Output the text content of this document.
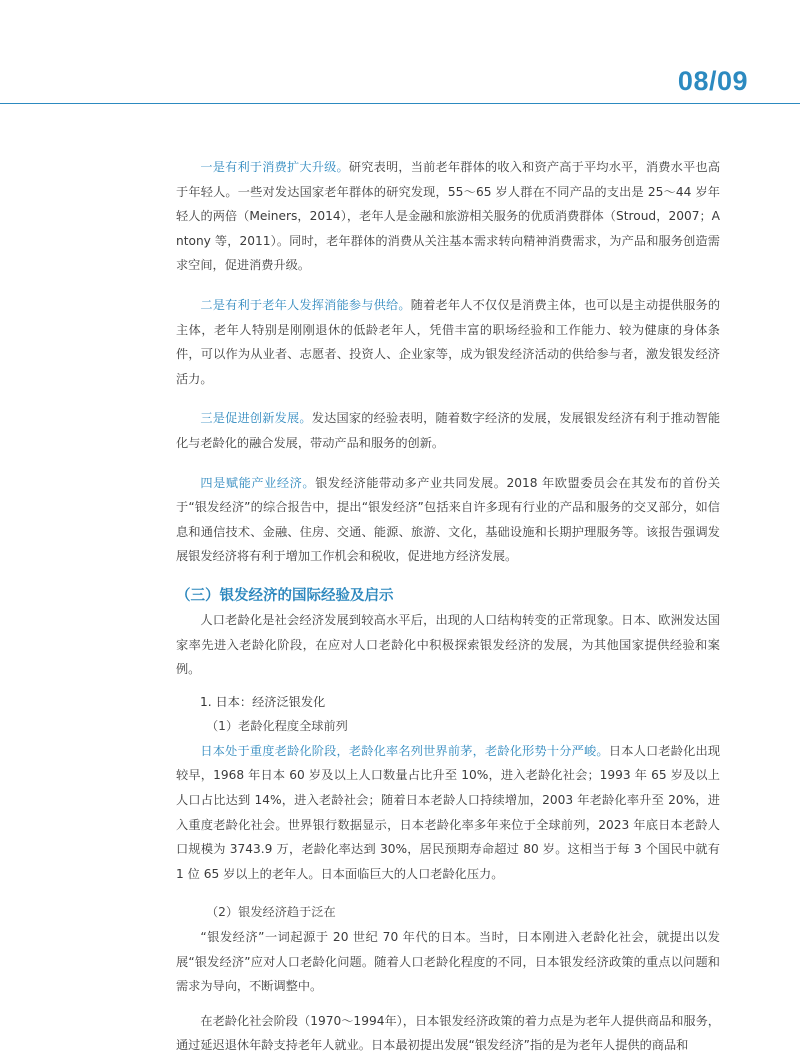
08/09

一是有利于消费扩大升级。研究表明，当前老年群体的收入和资产高于平均水平，消费水平也高于年轻人。一些对发达国家老年群体的研究发现，55～65 岁人群在不同产品的支出是 25～44 岁年轻人的两倍（Meiners，2014），老年人是金融和旅游相关服务的优质消费群体（Stroud，2007；Antony 等，2011）。同时，老年群体的消费从关注基本需求转向精神消费需求，为产品和服务创造需求空间，促进消费升级。

二是有利于老年人发挥消能参与供给。随着老年人不仅仅是消费主体，也可以是主动提供服务的主体，老年人特别是刚刚退休的低龄老年人，凭借丰富的职场经验和工作能力、较为健康的身体条件，可以作为从业者、志愿者、投资人、企业家等，成为银发经济活动的供给参与者，激发银发经济活力。

三是促进创新发展。发达国家的经验表明，随着数字经济的发展，发展银发经济有利于推动智能化与老龄化的融合发展，带动产品和服务的创新。

四是赋能产业经济。银发经济能带动多产业共同发展。2018 年欧盟委员会在其发布的首份关于“银发经济”的综合报告中，提出“银发经济”包括来自许多现有行业的产品和服务的交叉部分，如信息和通信技术、金融、住房、交通、能源、旅游、文化，基础设施和长期护理服务等。该报告强调发展银发经济将有利于增加工作机会和税收，促进地方经济发展。

（三）银发经济的国际经验及启示

人口老龄化是社会经济发展到较高水平后，出现的人口结构转变的正常现象。日本、欧洲发达国家率先进入老龄化阶段，在应对人口老龄化中积极探索银发经济的发展，为其他国家提供经验和案例。

1. 日本：经济泛银发化
（1）老龄化程度全球前列

日本处于重度老龄化阶段，老龄化率名列世界前茅，老龄化形势十分严峻。日本人口老龄化出现较早，1968 年日本 60 岁及以上人口数量占比升至 10%，进入老龄化社会；1993 年 65 岁及以上人口占比达到 14%，进入老龄社会；随着日本老龄人口持续增加，2003 年老龄化率升至 20%，进入重度老龄化社会。世界银行数据显示，日本老龄化率多年来位于全球前列，2023 年底日本老龄人口规模为 3743.9 万，老龄化率达到 30%，居民预期寿命超过 80 岁。这相当于每 3 个国民中就有 1 位 65 岁以上的老年人。日本面临巨大的人口老龄化压力。

（2）银发经济趋于泛在

“银发经济”一词起源于 20 世纪 70 年代的日本。当时，日本刚进入老龄化社会，就提出以发展“银发经济”应对人口老龄化问题。随着人口老龄化程度的不同，日本银发经济政策的重点以问题和需求为导向，不断调整中。

在老龄化社会阶段（1970～1994年），日本银发经济政策的着力点是为老年人提供商品和服务，通过延迟退休年龄支持老年人就业。日本最初提出发展“银发经济”指的是为老年人提供的商品和
